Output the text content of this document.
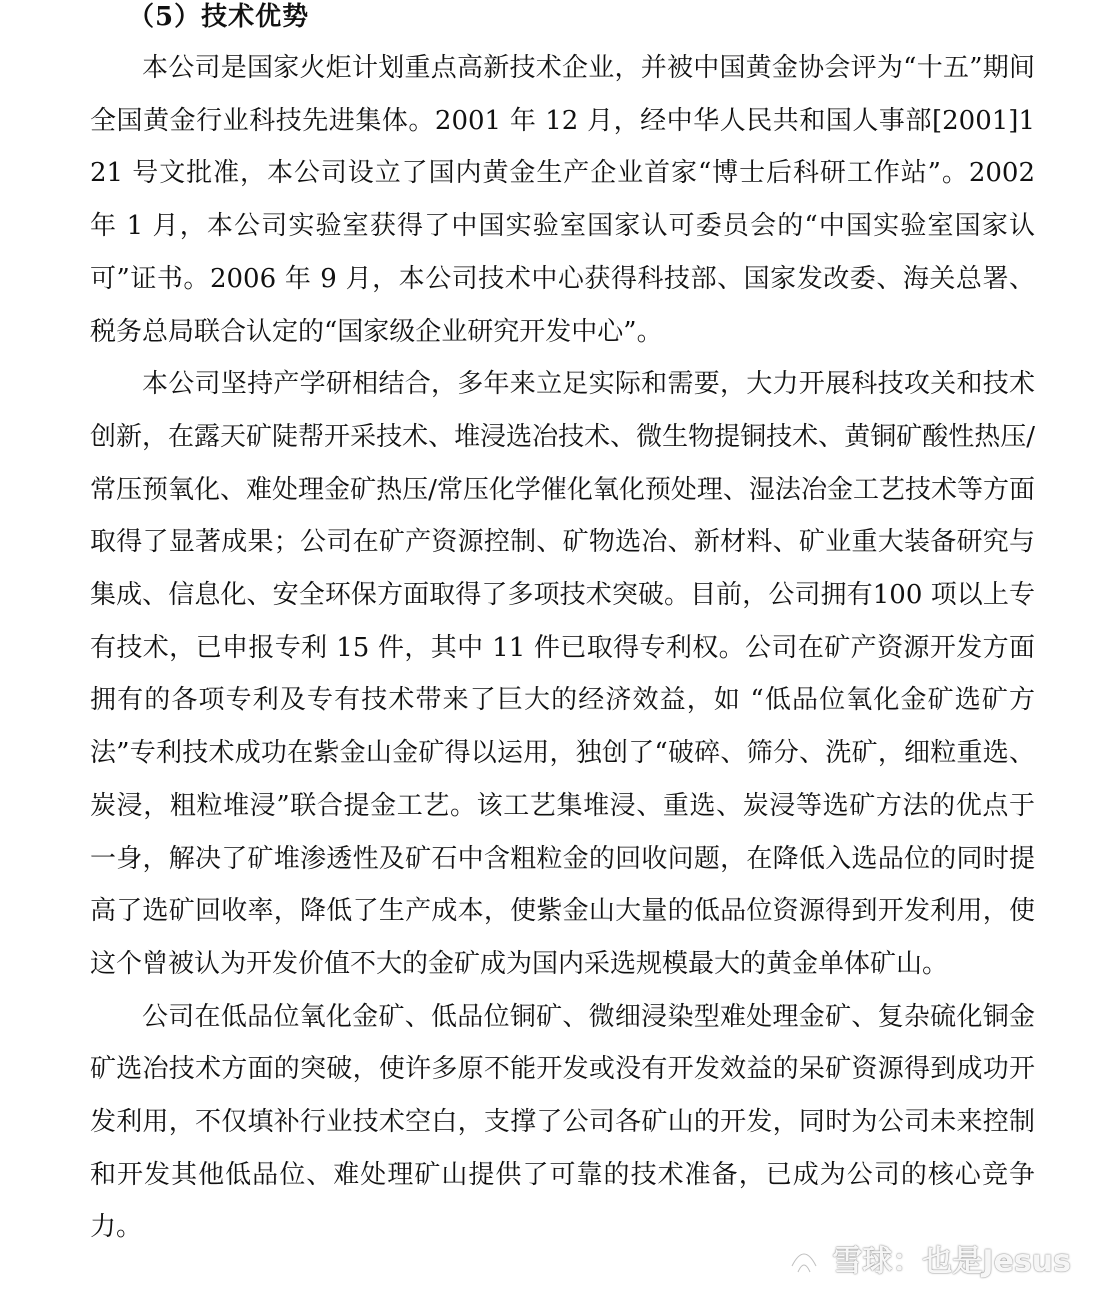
（5）技术优势

本公司是国家火炬计划重点高新技术企业，并被中国黄金协会评为“十五”期间全国黄金行业科技先进集体。2001 年 12 月，经中华人民共和国人事部[2001]121 号文批准，本公司设立了国内黄金生产企业首家“博士后科研工作站”。2002 年 1 月，本公司实验室获得了中国实验室国家认可委员会的“中国实验室国家认可”证书。2006 年 9 月，本公司技术中心获得科技部、国家发改委、海关总署、税务总局联合认定的“国家级企业研究开发中心”。

本公司坚持产学研相结合，多年来立足实际和需要，大力开展科技攻关和技术创新，在露天矿陡帮开采技术、堆浸选冶技术、微生物提铜技术、黄铜矿酸性热压/常压预氧化、难处理金矿热压/常压化学催化氧化预处理、湿法冶金工艺技术等方面取得了显著成果；公司在矿产资源控制、矿物选冶、新材料、矿业重大装备研究与集成、信息化、安全环保方面取得了多项技术突破。目前，公司拥有100 项以上专有技术，已申报专利 15 件，其中 11 件已取得专利权。公司在矿产资源开发方面拥有的各项专利及专有技术带来了巨大的经济效益，如 “低品位氧化金矿选矿方法”专利技术成功在紫金山金矿得以运用，独创了“破碎、筛分、洗矿，细粒重选、炭浸，粗粒堆浸”联合提金工艺。该工艺集堆浸、重选、炭浸等选矿方法的优点于一身，解决了矿堆渗透性及矿石中含粗粒金的回收问题，在降低入选品位的同时提高了选矿回收率，降低了生产成本，使紫金山大量的低品位资源得到开发利用，使这个曾被认为开发价值不大的金矿成为国内采选规模最大的黄金单体矿山。

公司在低品位氧化金矿、低品位铜矿、微细浸染型难处理金矿、复杂硫化铜金矿选冶技术方面的突破，使许多原不能开发或没有开发效益的呆矿资源得到成功开发利用，不仅填补行业技术空白，支撑了公司各矿山的开发，同时为公司未来控制和开发其他低品位、难处理矿山提供了可靠的技术准备，已成为公司的核心竞争力。

雪球：也是Jesus
